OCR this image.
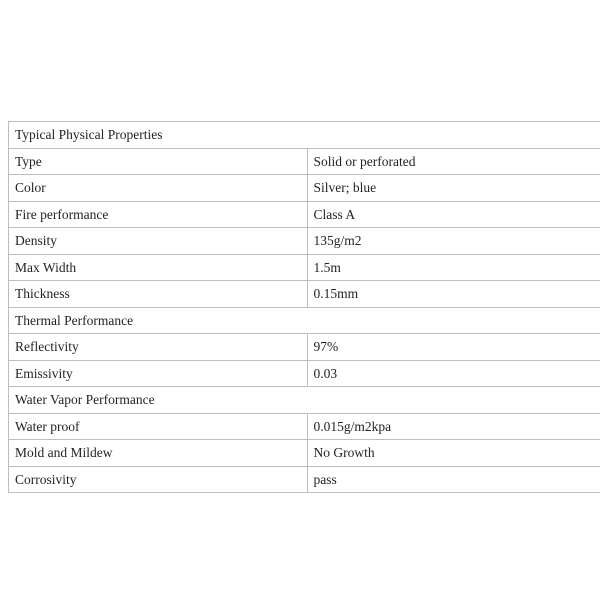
Typical Physical Properties	
Type	Solid or perforated
Color	Silver; blue
Fire performance	Class A
Density	135g/m2
Max Width	1.5m
Thickness	0.15mm
Thermal Performance	
Reflectivity	97%
Emissivity	0.03
Water Vapor Performance	
Water proof	0.015g/m2kpa
Mold and Mildew	No Growth
Corrosivity	pass
